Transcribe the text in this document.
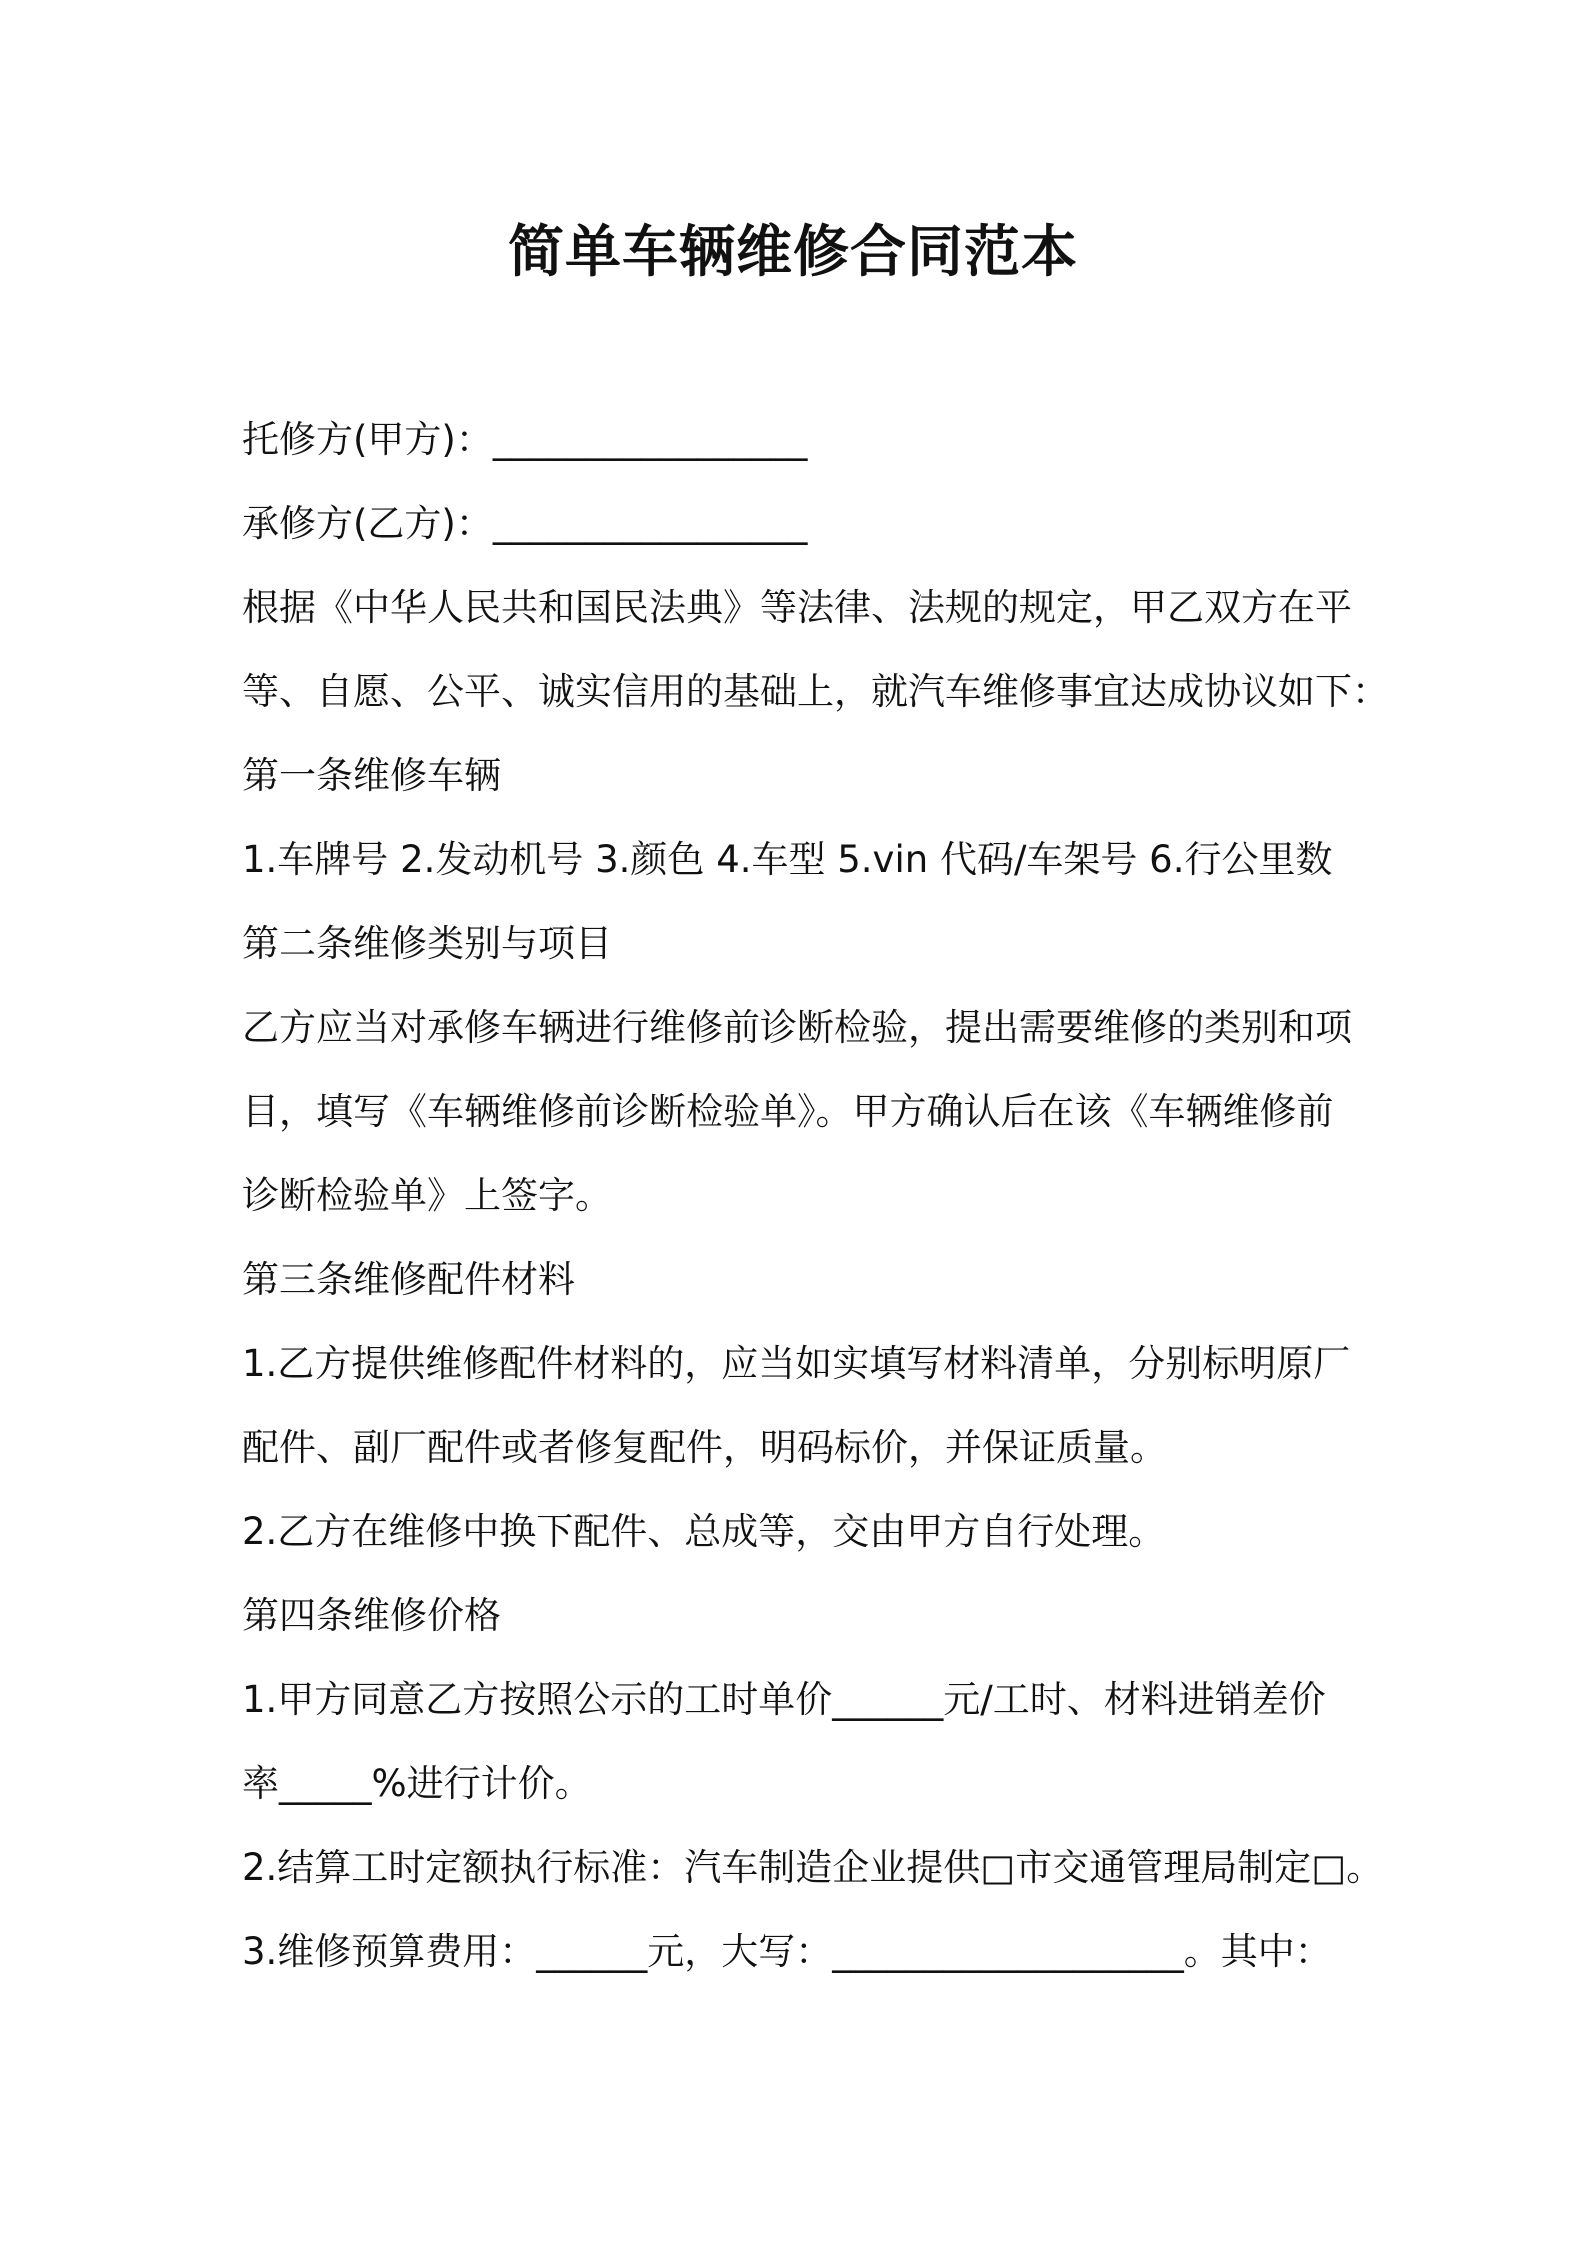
简单车辆维修合同范本
托修方(甲方)：_________________
承修方(乙方)：_________________
根据《中华人民共和国民法典》等法律、法规的规定，甲乙双方在平
等、自愿、公平、诚实信用的基础上，就汽车维修事宜达成协议如下：
第一条维修车辆
1.车牌号 2.发动机号 3.颜色 4.车型 5.vin 代码/车架号 6.行公里数
第二条维修类别与项目
乙方应当对承修车辆进行维修前诊断检验，提出需要维修的类别和项
目，填写《车辆维修前诊断检验单》。甲方确认后在该《车辆维修前
诊断检验单》上签字。
第三条维修配件材料
1.乙方提供维修配件材料的，应当如实填写材料清单，分别标明原厂
配件、副厂配件或者修复配件，明码标价，并保证质量。
2.乙方在维修中换下配件、总成等，交由甲方自行处理。
第四条维修价格
1.甲方同意乙方按照公示的工时单价______元/工时、材料进销差价
率_____%进行计价。
2.结算工时定额执行标准：汽车制造企业提供□市交通管理局制定□。
3.维修预算费用：______元，大写：___________________。其中：
